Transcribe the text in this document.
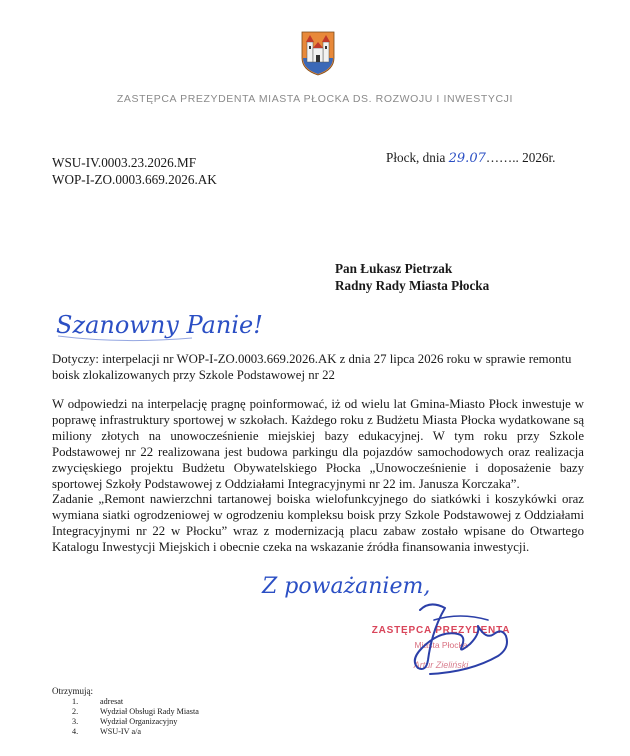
ZASTĘPCA PREZYDENTA MIASTA PŁOCKA DS. ROZWOJU I INWESTYCJI
WSU-IV.0003.23.2026.MF
WOP-I-ZO.0003.669.2026.AK
Płock, dnia 29.07…….. 2026r.
Pan Łukasz Pietrzak
Radny Rady Miasta Płocka
Szanowny Panie!
Dotyczy: interpelacji nr WOP-I-ZO.0003.669.2026.AK z dnia 27 lipca 2026 roku w sprawie remontu boisk zlokalizowanych przy Szkole Podstawowej nr 22
W odpowiedzi na interpelację pragnę poinformować, iż od wielu lat Gmina-Miasto Płock inwestuje w poprawę infrastruktury sportowej w szkołach. Każdego roku z Budżetu Miasta Płocka wydatkowane są miliony złotych na unowocześnienie miejskiej bazy edukacyjnej. W tym roku przy Szkole Podstawowej nr 22 realizowana jest budowa parkingu dla pojazdów samochodowych oraz realizacja zwycięskiego projektu Budżetu Obywatelskiego Płocka „Unowocześnienie i doposażenie bazy sportowej Szkoły Podstawowej z Oddziałami Integracyjnymi nr 22 im. Janusza Korczaka”.
Zadanie „Remont nawierzchni tartanowej boiska wielofunkcyjnego do siatkówki i koszykówki oraz wymiana siatki ogrodzeniowej w ogrodzeniu kompleksu boisk przy Szkole Podstawowej z Oddziałami Integracyjnymi nr 22 w Płocku” wraz z modernizacją placu zabaw zostało wpisane do Otwartego Katalogu Inwestycji Miejskich i obecnie czeka na wskazanie źródła finansowania inwestycji.
Z poważaniem,
ZASTĘPCA PREZYDENTA
Miasta Płocka
Artur Zieliński
Otrzymują:
1.	adresat
2.	Wydział Obsługi Rady Miasta
3.	Wydział Organizacyjny
4.	WSU-IV a/a
